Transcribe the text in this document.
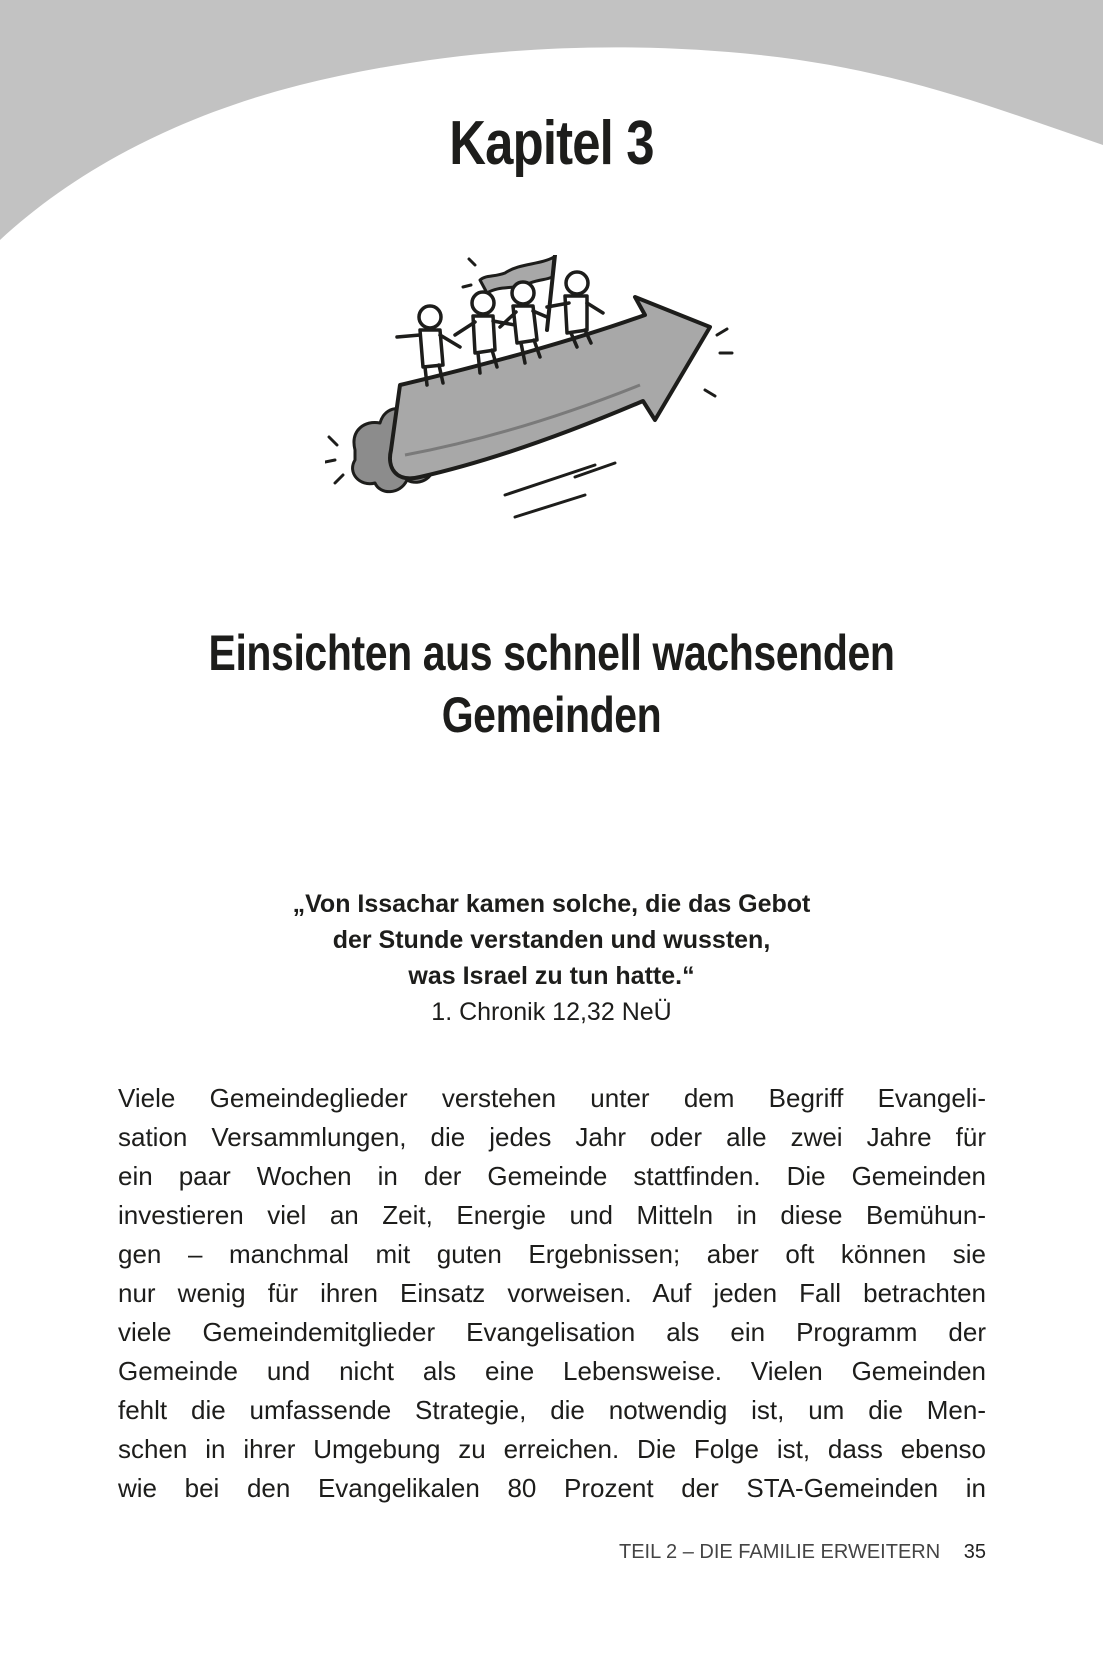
Kapitel 3
Einsichten aus schnell wachsenden
Gemeinden
„Von Issachar kamen solche, die das Gebot
der Stunde verstanden und wussten,
was Israel zu tun hatte.“
1. Chronik 12,32 NeÜ
Viele Gemeindeglieder verstehen unter dem Begriff Evangeli-
sation Versammlungen, die jedes Jahr oder alle zwei Jahre für
ein paar Wochen in der Gemeinde stattfinden. Die Gemeinden
investieren viel an Zeit, Energie und Mitteln in diese Bemühun-
gen – manchmal mit guten Ergebnissen; aber oft können sie
nur wenig für ihren Einsatz vorweisen. Auf jeden Fall betrachten
viele Gemeindemitglieder Evangelisation als ein Programm der
Gemeinde und nicht als eine Lebensweise. Vielen Gemeinden
fehlt die umfassende Strategie, die notwendig ist, um die Men-
schen in ihrer Umgebung zu erreichen. Die Folge ist, dass ebenso
wie bei den Evangelikalen 80 Prozent der STA-Gemeinden in
TEIL 2 – DIE FAMILIE ERWEITERN 35
